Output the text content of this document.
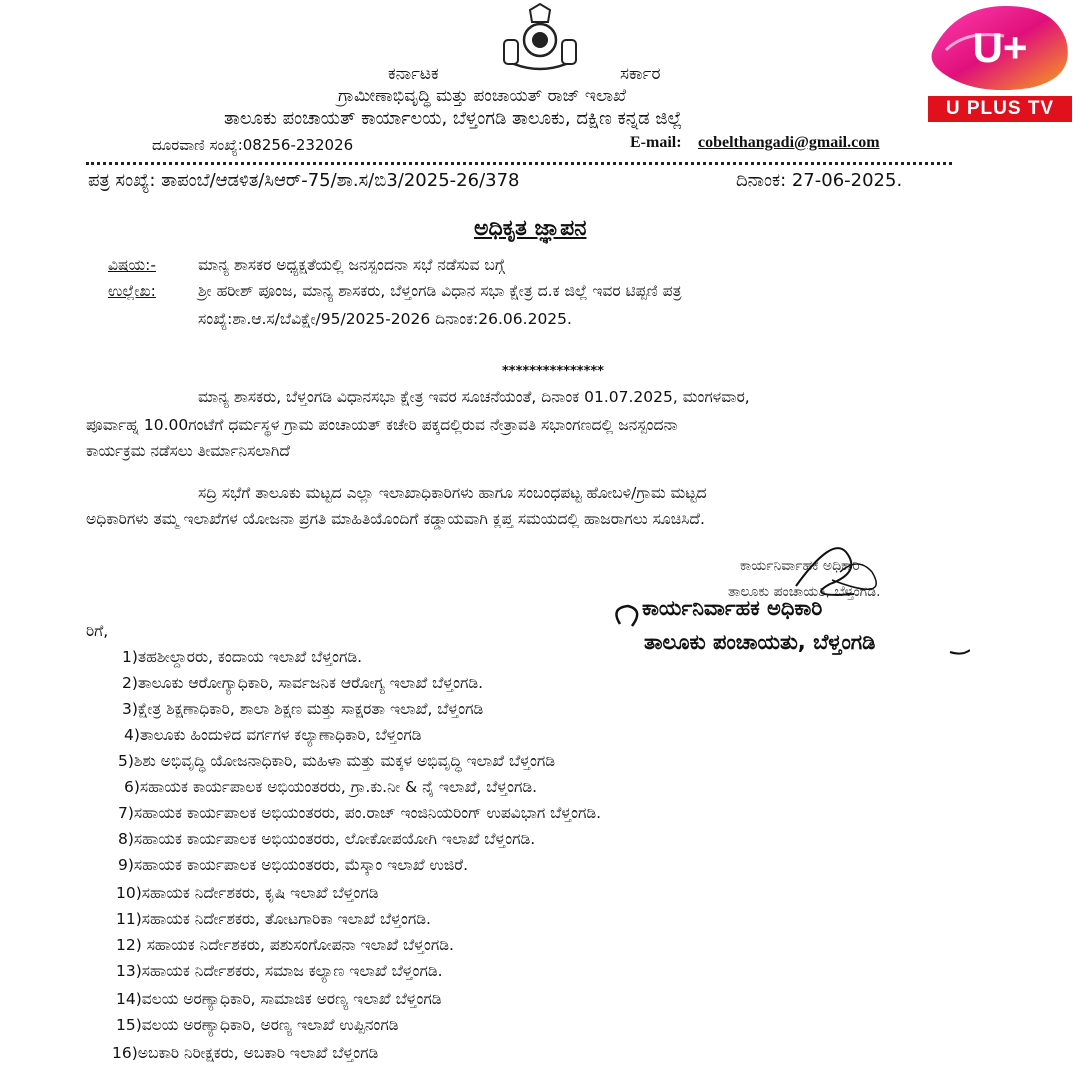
U+
U PLUS TV
ಕರ್ನಾಟಕ	ಸರ್ಕಾರ
ಗ್ರಾಮೀಣಾಭಿವೃದ್ಧಿ ಮತ್ತು ಪಂಚಾಯತ್ ರಾಜ್ ಇಲಾಖೆ
ತಾಲೂಕು ಪಂಚಾಯತ್ ಕಾರ್ಯಾಲಯ, ಬೆಳ್ತಂಗಡಿ ತಾಲೂಕು, ದಕ್ಷಿಣ ಕನ್ನಡ ಜಿಲ್ಲೆ
ದೂರವಾಣಿ ಸಂಖ್ಯೆ:08256-232026	E-mail: cobelthangadi@gmail.com
ಪತ್ರ ಸಂಖ್ಯೆ: ತಾಪಂಬೆ/ಆಡಳಿತ/ಸಿಆರ್-75/ಶಾ.ಸ/ಬಿ3/2025-26/378	ದಿನಾಂಕ: 27-06-2025.
ಅಧಿಕೃತ ಜ್ಞಾಪನ
ವಿಷಯ:-	ಮಾನ್ಯ ಶಾಸಕರ ಅಧ್ಯಕ್ಷತೆಯಲ್ಲಿ ಜನಸ್ಪಂದನಾ ಸಭೆ ನಡೆಸುವ ಬಗ್ಗೆ
ಉಲ್ಲೇಖ:	ಶ್ರೀ ಹರೀಶ್ ಪೂಂಜ, ಮಾನ್ಯ ಶಾಸಕರು, ಬೆಳ್ತಂಗಡಿ ವಿಧಾನ ಸಭಾ ಕ್ಷೇತ್ರ ದ.ಕ ಜಿಲ್ಲೆ ಇವರ ಟಿಪ್ಪಣಿ ಪತ್ರ
ಸಂಖ್ಯೆ:ಶಾ.ಆ.ಸ/ಬೆವಿಕ್ಷೇ/95/2025-2026 ದಿನಾಂಕ:26.06.2025.
***************
ಮಾನ್ಯ ಶಾಸಕರು, ಬೆಳ್ತಂಗಡಿ ವಿಧಾನಸಭಾ ಕ್ಷೇತ್ರ ಇವರ ಸೂಚನೆಯಂತೆ, ದಿನಾಂಕ 01.07.2025, ಮಂಗಳವಾರ,
ಪೂರ್ವಾಹ್ನ 10.00ಗಂಟೆಗೆ ಧರ್ಮಸ್ಥಳ ಗ್ರಾಮ ಪಂಚಾಯತ್ ಕಚೇರಿ ಪಕ್ಕದಲ್ಲಿರುವ ನೇತ್ರಾವತಿ ಸಭಾಂಗಣದಲ್ಲಿ ಜನಸ್ಪಂದನಾ
ಕಾರ್ಯಕ್ರಮ ನಡೆಸಲು ತೀರ್ಮಾನಿಸಲಾಗಿದೆ
ಸದ್ರಿ ಸಭೆಗೆ ತಾಲೂಕು ಮಟ್ಟದ ಎಲ್ಲಾ ಇಲಾಖಾಧಿಕಾರಿಗಳು ಹಾಗೂ ಸಂಬಂಧಪಟ್ಟ ಹೋಬಳಿ/ಗ್ರಾಮ ಮಟ್ಟದ
ಅಧಿಕಾರಿಗಳು ತಮ್ಮ ಇಲಾಖೆಗಳ ಯೋಜನಾ ಪ್ರಗತಿ ಮಾಹಿತಿಯೊಂದಿಗೆ ಕಡ್ಡಾಯವಾಗಿ ಕ್ಲಪ್ತ ಸಮಯದಲ್ಲಿ ಹಾಜರಾಗಲು ಸೂಚಿಸಿದೆ.
ಕಾರ್ಯನಿರ್ವಾಹಕ ಅಧಿಕಾರಿ
ತಾಲೂಕು ಪಂಚಾಯತಿ, ಬೆಳ್ತಂಗಡಿ.
ಕಾರ್ಯನಿರ್ವಾಹಕ ಅಧಿಕಾರಿ
ತಾಲೂಕು ಪಂಚಾಯತು, ಬೆಳ್ತಂಗಡಿ
ರಿಗೆ,
1)ತಹಶೀಲ್ದಾರರು, ಕಂದಾಯ ಇಲಾಖೆ ಬೆಳ್ತಂಗಡಿ.
2)ತಾಲೂಕು ಆರೋಗ್ಯಾಧಿಕಾರಿ, ಸಾರ್ವಜನಿಕ ಆರೋಗ್ಯ ಇಲಾಖೆ ಬೆಳ್ತಂಗಡಿ.
3)ಕ್ಷೇತ್ರ ಶಿಕ್ಷಣಾಧಿಕಾರಿ, ಶಾಲಾ ಶಿಕ್ಷಣ ಮತ್ತು ಸಾಕ್ಷರತಾ ಇಲಾಖೆ, ಬೆಳ್ತಂಗಡಿ
4)ತಾಲೂಕು ಹಿಂದುಳಿದ ವರ್ಗಗಳ ಕಲ್ಯಾಣಾಧಿಕಾರಿ, ಬೆಳ್ತಂಗಡಿ
5)ಶಿಶು ಅಭಿವೃದ್ಧಿ ಯೋಜನಾಧಿಕಾರಿ, ಮಹಿಳಾ ಮತ್ತು ಮಕ್ಕಳ ಅಭಿವೃದ್ಧಿ ಇಲಾಖೆ ಬೆಳ್ತಂಗಡಿ
6)ಸಹಾಯಕ ಕಾರ್ಯಪಾಲಕ ಅಭಿಯಂತರರು, ಗ್ರಾ.ಕು.ನೀ & ನೈ ಇಲಾಖೆ, ಬೆಳ್ತಂಗಡಿ.
7)ಸಹಾಯಕ ಕಾರ್ಯಪಾಲಕ ಅಭಿಯಂತರರು, ಪಂ.ರಾಜ್ ಇಂಜಿನಿಯರಿಂಗ್ ಉಪವಿಭಾಗ ಬೆಳ್ತಂಗಡಿ.
8)ಸಹಾಯಕ ಕಾರ್ಯಪಾಲಕ ಅಭಿಯಂತರರು, ಲೋಕೋಪಯೋಗಿ ಇಲಾಖೆ ಬೆಳ್ತಂಗಡಿ.
9)ಸಹಾಯಕ ಕಾರ್ಯಪಾಲಕ ಅಭಿಯಂತರರು, ಮೆಸ್ಕಾಂ ಇಲಾಖೆ ಉಜಿರೆ.
10)ಸಹಾಯಕ ನಿರ್ದೇಶಕರು, ಕೃಷಿ ಇಲಾಖೆ ಬೆಳ್ತಂಗಡಿ
11)ಸಹಾಯಕ ನಿರ್ದೇಶಕರು, ತೋಟಗಾರಿಕಾ ಇಲಾಖೆ ಬೆಳ್ತಂಗಡಿ.
12) ಸಹಾಯಕ ನಿರ್ದೇಶಕರು, ಪಶುಸಂಗೋಪನಾ ಇಲಾಖೆ ಬೆಳ್ತಂಗಡಿ.
13)ಸಹಾಯಕ ನಿರ್ದೇಶಕರು, ಸಮಾಜ ಕಲ್ಯಾಣ ಇಲಾಖೆ ಬೆಳ್ತಂಗಡಿ.
14)ವಲಯ ಅರಣ್ಯಾಧಿಕಾರಿ, ಸಾಮಾಜಿಕ ಅರಣ್ಯ ಇಲಾಖೆ ಬೆಳ್ತಂಗಡಿ
15)ವಲಯ ಅರಣ್ಯಾಧಿಕಾರಿ, ಅರಣ್ಯ ಇಲಾಖೆ ಉಪ್ಪಿನಂಗಡಿ
16)ಅಬಕಾರಿ ನಿರೀಕ್ಷಕರು, ಅಬಕಾರಿ ಇಲಾಖೆ ಬೆಳ್ತಂಗಡಿ
